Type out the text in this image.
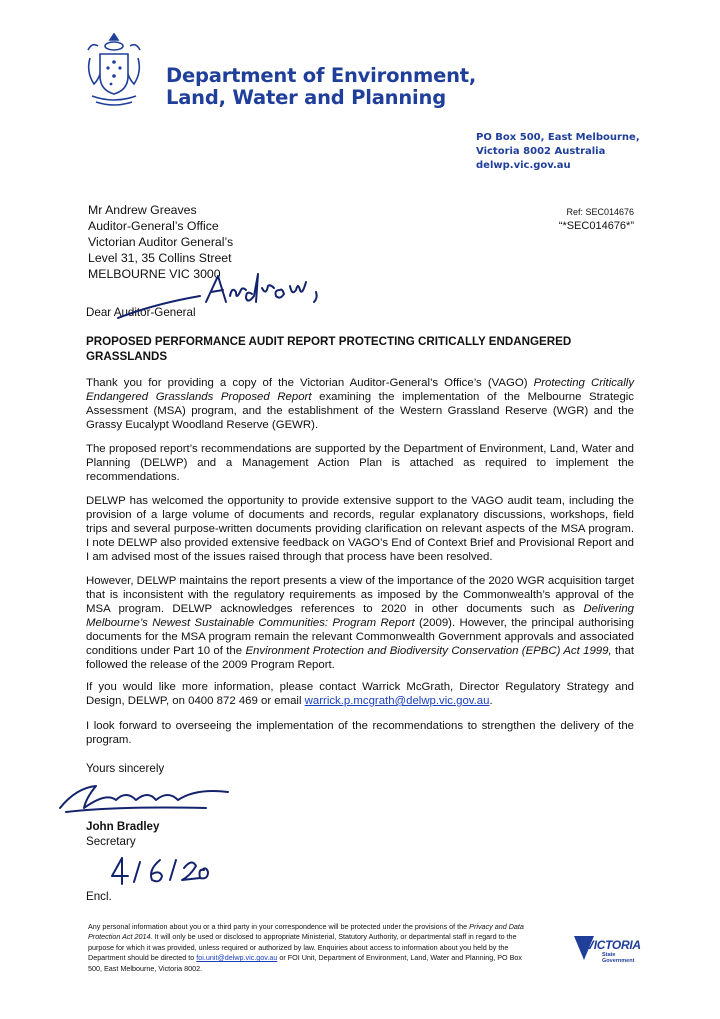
Department of Environment,
Land, Water and Planning
PO Box 500, East Melbourne,
Victoria 8002 Australia
delwp.vic.gov.au
Mr Andrew Greaves
Auditor-General’s Office
Victorian Auditor General’s
Level 31, 35 Collins Street
MELBOURNE VIC 3000
Ref: SEC014676
“*SEC014676*”
Dear Auditor-General

PROPOSED PERFORMANCE AUDIT REPORT PROTECTING CRITICALLY ENDANGERED GRASSLANDS

Thank you for providing a copy of the Victorian Auditor-General’s Office’s (VAGO) Protecting Critically Endangered Grasslands Proposed Report examining the implementation of the Melbourne Strategic Assessment (MSA) program, and the establishment of the Western Grassland Reserve (WGR) and the Grassy Eucalypt Woodland Reserve (GEWR).

The proposed report’s recommendations are supported by the Department of Environment, Land, Water and Planning (DELWP) and a Management Action Plan is attached as required to implement the recommendations.

DELWP has welcomed the opportunity to provide extensive support to the VAGO audit team, including the provision of a large volume of documents and records, regular explanatory discussions, workshops, field trips and several purpose-written documents providing clarification on relevant aspects of the MSA program. I note DELWP also provided extensive feedback on VAGO’s End of Context Brief and Provisional Report and I am advised most of the issues raised through that process have been resolved.

However, DELWP maintains the report presents a view of the importance of the 2020 WGR acquisition target that is inconsistent with the regulatory requirements as imposed by the Commonwealth’s approval of the MSA program. DELWP acknowledges references to 2020 in other documents such as Delivering Melbourne’s Newest Sustainable Communities: Program Report (2009). However, the principal authorising documents for the MSA program remain the relevant Commonwealth Government approvals and associated conditions under Part 10 of the Environment Protection and Biodiversity Conservation (EPBC) Act 1999, that followed the release of the 2009 Program Report.

If you would like more information, please contact Warrick McGrath, Director Regulatory Strategy and Design, DELWP, on 0400 872 469 or email warrick.p.mcgrath@delwp.vic.gov.au.

I look forward to overseeing the implementation of the recommendations to strengthen the delivery of the program.

Yours sincerely
John Bradley
Secretary
Encl.

Any personal information about you or a third party in your correspondence will be protected under the provisions of the Privacy and Data Protection Act 2014. It will only be used or disclosed to appropriate Ministerial, Statutory Authority, or departmental staff in regard to the purpose for which it was provided, unless required or authorized by law. Enquiries about access to information about you held by the Department should be directed to foi.unit@delwp.vic.gov.au or FOI Unit, Department of Environment, Land, Water and Planning, PO Box 500, East Melbourne, Victoria 8002.

VICTORIA
State
Government
